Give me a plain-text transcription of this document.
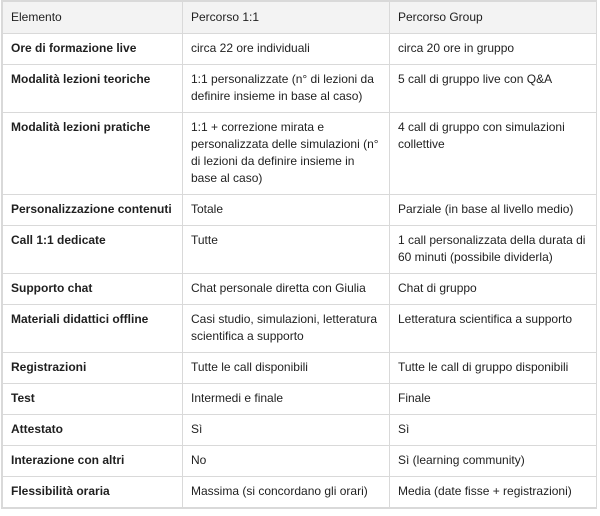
Elemento	Percorso 1:1	Percorso Group
Ore di formazione live	circa 22 ore individuali	circa 20 ore in gruppo
Modalità lezioni teoriche	1:1 personalizzate (n° di lezioni da definire insieme in base al caso)	5 call di gruppo live con Q&A
Modalità lezioni pratiche	1:1 + correzione mirata e personalizzata delle simulazioni (n° di lezioni da definire insieme in base al caso)	4 call di gruppo con simulazioni collettive
Personalizzazione contenuti	Totale	Parziale (in base al livello medio)
Call 1:1 dedicate	Tutte	1 call personalizzata della durata di 60 minuti (possibile dividerla)
Supporto chat	Chat personale diretta con Giulia	Chat di gruppo
Materiali didattici offline	Casi studio, simulazioni, letteratura scientifica a supporto	Letteratura scientifica a supporto
Registrazioni	Tutte le call disponibili	Tutte le call di gruppo disponibili
Test	Intermedi e finale	Finale
Attestato	Sì	Sì
Interazione con altri	No	Sì (learning community)
Flessibilità oraria	Massima (si concordano gli orari)	Media (date fisse + registrazioni)
